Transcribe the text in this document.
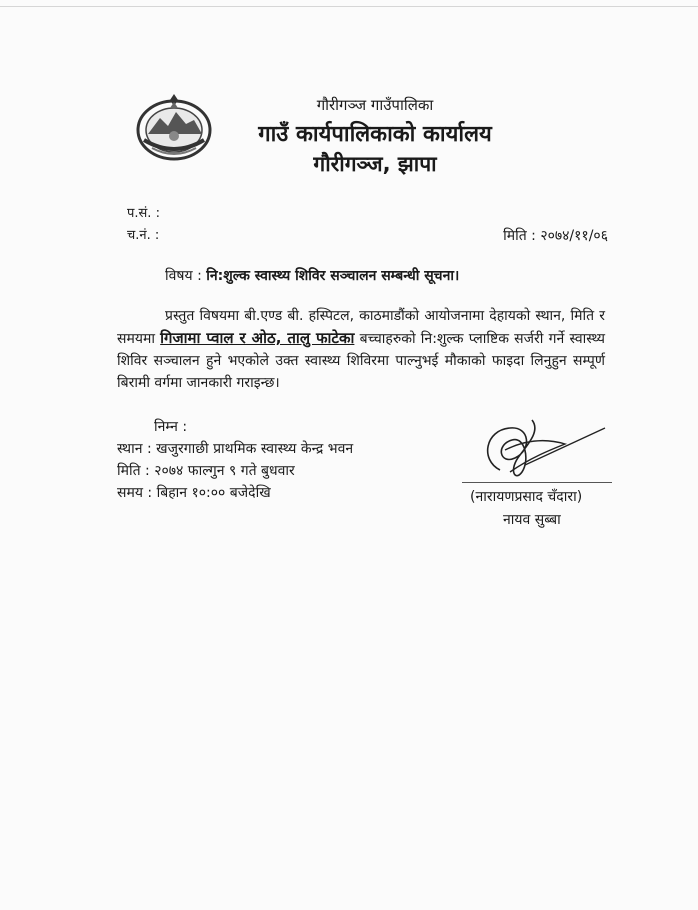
गौरीगञ्ज गाउँपालिका
गाउँ कार्यपालिकाको कार्यालय
गौरीगञ्ज, झापा
प.सं. :
च.नं. :	मिति : २०७४/११/०६
विषय : नि:शुल्क स्वास्थ्य शिविर सञ्चालन सम्बन्धी सूचना।
प्रस्तुत विषयमा बी.एण्ड बी. हस्पिटल, काठमाडौंको आयोजनामा देहायको स्थान, मिति र समयमा गिजामा प्वाल र ओठ, तालु फाटेका बच्चाहरुको नि:शुल्क प्लाष्टिक सर्जरी गर्ने स्वास्थ्य शिविर सञ्चालन हुने भएकोले उक्त स्वास्थ्य शिविरमा पाल्नुभई मौकाको फाइदा लिनुहुन सम्पूर्ण बिरामी वर्गमा जानकारी गराइन्छ।
निम्न :
स्थान : खजुरगाछी प्राथमिक स्वास्थ्य केन्द्र भवन
मिति : २०७४ फाल्गुन ९ गते बुधवार
समय : बिहान १०:०० बजेदेखि	(नारायणप्रसाद चँदारा)
नायव सुब्बा
